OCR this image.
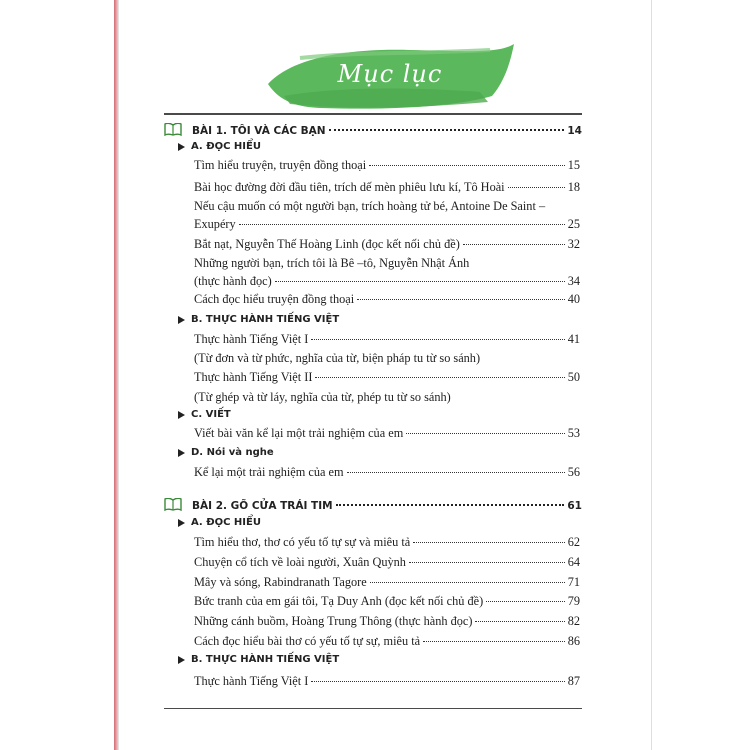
Mục lục
BÀI 1. TÔI VÀ CÁC BẠN	14
A. ĐỌC HIỂU
Tìm hiểu truyện, truyện đồng thoại	15
Bài học đường đời đầu tiên, trích dế mèn phiêu lưu kí, Tô Hoài	18
Nếu cậu muốn có một người bạn, trích hoàng tử bé, Antoine De Saint –
Exupéry	25
Bắt nạt, Nguyễn Thế Hoàng Linh (đọc kết nối chủ đề)	32
Những người bạn, trích tôi là Bê –tô, Nguyễn Nhật Ánh
(thực hành đọc)	34
Cách đọc hiểu truyện đồng thoại	40
B. THỰC HÀNH TIẾNG VIỆT
Thực hành Tiếng Việt I	41
(Từ đơn và từ phức, nghĩa của từ, biện pháp tu từ so sánh)
Thực hành Tiếng Việt II	50
(Từ ghép và từ láy, nghĩa của từ, phép tu từ so sánh)
C. VIẾT
Viết bài văn kể lại một trải nghiệm của em	53
D. Nói và nghe
Kể lại một trải nghiệm của em	56
BÀI 2. GÕ CỬA TRÁI TIM	61
A. ĐỌC HIỂU
Tìm hiểu thơ, thơ có yếu tố tự sự và miêu tả	62
Chuyện cổ tích về loài người, Xuân Quỳnh	64
Mây và sóng, Rabindranath Tagore	71
Bức tranh của em gái tôi, Tạ Duy Anh (đọc kết nối chủ đề)	79
Những cánh buồm, Hoàng Trung Thông (thực hành đọc)	82
Cách đọc hiểu bài thơ có yếu tố tự sự, miêu tả	86
B. THỰC HÀNH TIẾNG VIỆT
Thực hành Tiếng Việt I	87
